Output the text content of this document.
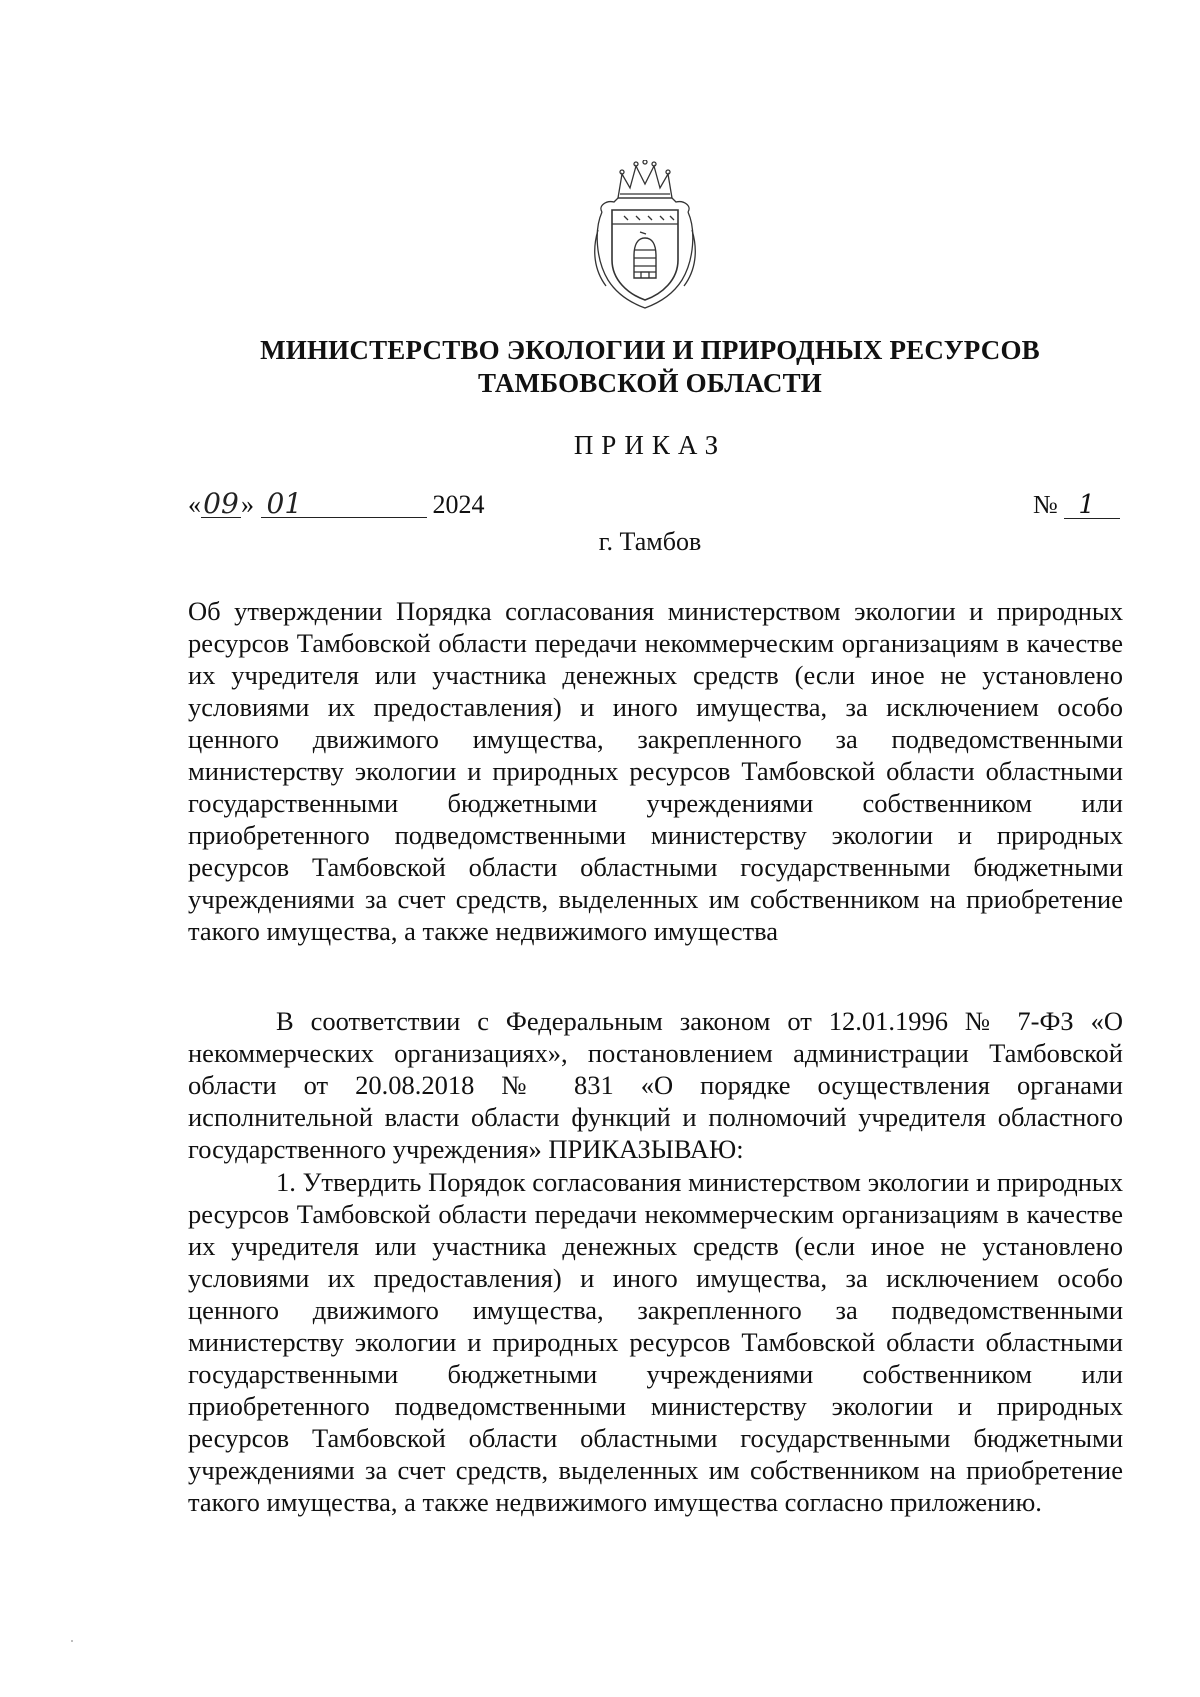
МИНИСТЕРСТВО ЭКОЛОГИИ И ПРИРОДНЫХ РЕСУРСОВ
ТАМБОВСКОЙ ОБЛАСТИ
ПРИКАЗ
«09» 01	2024	№ 1
г. Тамбов
Об утверждении Порядка согласования министерством экологии и природных ресурсов Тамбовской области передачи некоммерческим организациям в качестве их учредителя или участника денежных средств (если иное не установлено условиями их предоставления) и иного имущества, за исключением особо ценного движимого имущества, закрепленного за подведомственными министерству экологии и природных ресурсов Тамбовской области областными государственными бюджетными учреждениями собственником или приобретенного подведомственными министерству экологии и природных ресурсов Тамбовской области областными государственными бюджетными учреждениями за счет средств, выделенных им собственником на приобретение такого имущества, а также недвижимого имущества
В соответствии с Федеральным законом от 12.01.1996 № 7-ФЗ «О некоммерческих организациях», постановлением администрации Тамбовской области от 20.08.2018 № 831 «О порядке осуществления органами исполнительной власти области функций и полномочий учредителя областного государственного учреждения» ПРИКАЗЫВАЮ:
1. Утвердить Порядок согласования министерством экологии и природных ресурсов Тамбовской области передачи некоммерческим организациям в качестве их учредителя или участника денежных средств (если иное не установлено условиями их предоставления) и иного имущества, за исключением особо ценного движимого имущества, закрепленного за подведомственными министерству экологии и природных ресурсов Тамбовской области областными государственными бюджетными учреждениями собственником или приобретенного подведомственными министерству экологии и природных ресурсов Тамбовской области областными государственными бюджетными учреждениями за счет средств, выделенных им собственником на приобретение такого имущества, а также недвижимого имущества согласно приложению.
